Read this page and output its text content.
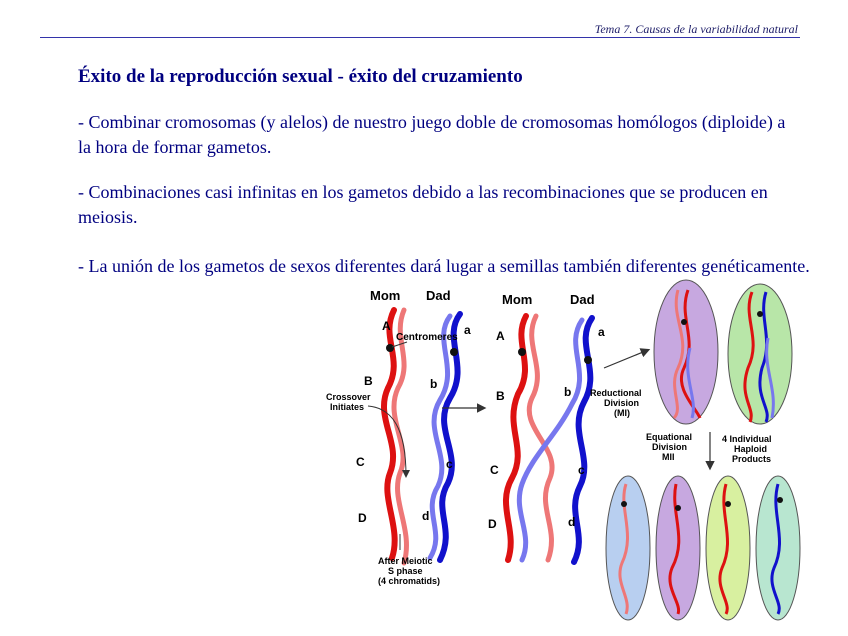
Tema 7. Causas de la variabilidad natural
Éxito de la reproducción sexual - éxito del cruzamiento
- Combinar cromosomas (y alelos) de nuestro juego doble de cromosomas homólogos (diploide) a la hora de formar gametos.
- Combinaciones casi infinitas en los gametos debido a las recombinaciones que se producen en meiosis.
- La unión de los gametos de sexos diferentes dará lugar a semillas también diferentes genéticamente.
Mom Dad
Centromeres
A	a
B	b
C	c
D	d
Crossover
Initiates
After Meiotic
S phase
(4 chromatids)
Mom	Dad
A	a
B	b
C	c
D	d
Reductional
Division
(MI)
Equational
Division
MII
4 Individual
Haploid
Products
